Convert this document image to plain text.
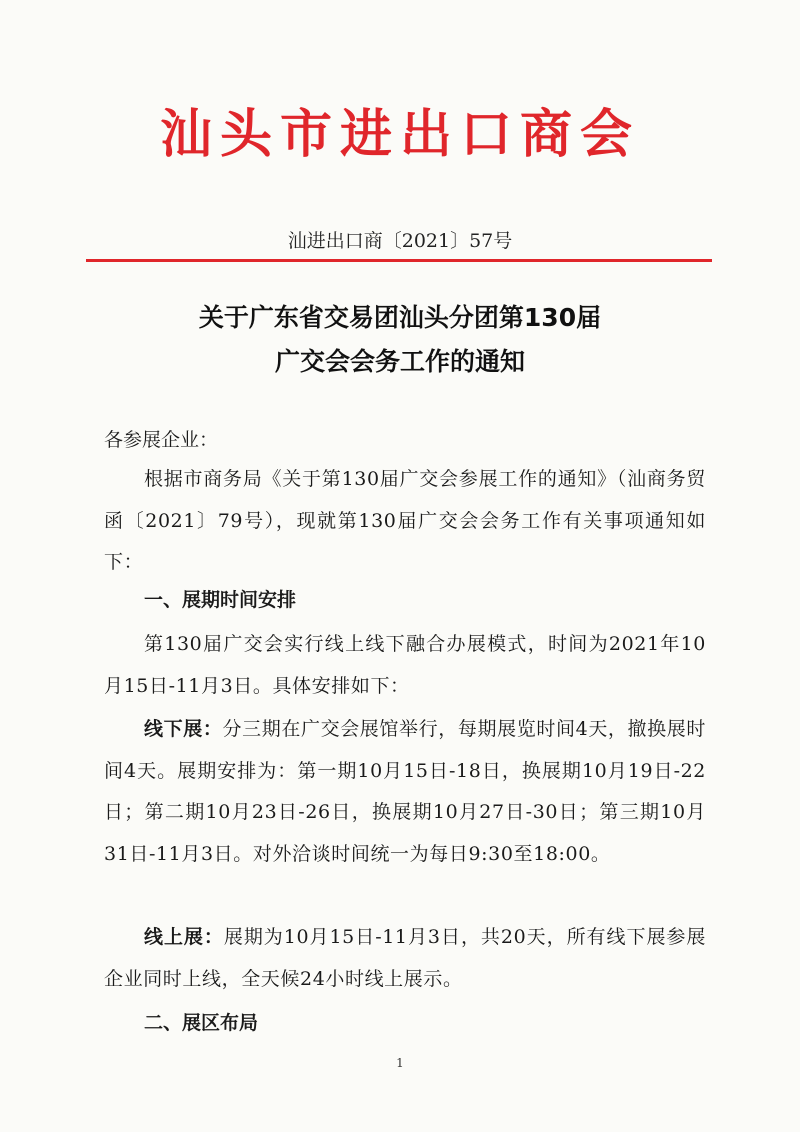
汕头市进出口商会
汕进出口商〔2021〕57号
关于广东省交易团汕头分团第130届
广交会会务工作的通知
各参展企业：
根据市商务局《关于第130届广交会参展工作的通知》（汕商务贸函〔2021〕79号），现就第130届广交会会务工作有关事项通知如下：
一、展期时间安排
第130届广交会实行线上线下融合办展模式，时间为2021年10月15日-11月3日。具体安排如下：
线下展：分三期在广交会展馆举行，每期展览时间4天，撤换展时间4天。展期安排为：第一期10月15日-18日，换展期10月19日-22日；第二期10月23日-26日，换展期10月27日-30日；第三期10月31日-11月3日。对外洽谈时间统一为每日9:30至18:00。
线上展：展期为10月15日-11月3日，共20天，所有线下展参展企业同时上线，全天候24小时线上展示。
二、展区布局
1
